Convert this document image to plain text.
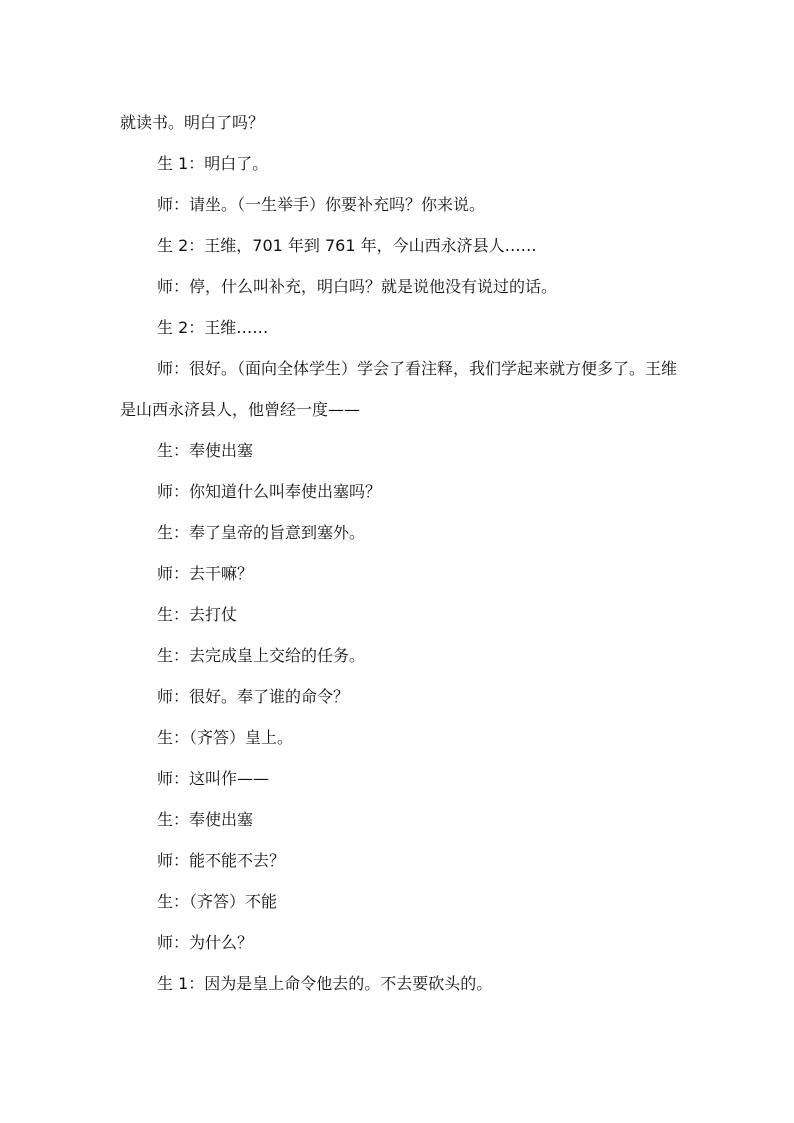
就读书。明白了吗？

生 1：明白了。

师：请坐。（一生举手）你要补充吗？你来说。

生 2：王维，701 年到 761 年，今山西永济县人……

师：停，什么叫补充，明白吗？就是说他没有说过的话。

生 2：王维……

师：很好。（面向全体学生）学会了看注释，我们学起来就方便多了。王维是山西永济县人，他曾经一度——

生：奉使出塞

师：你知道什么叫奉使出塞吗？

生：奉了皇帝的旨意到塞外。

师：去干嘛？

生：去打仗

生：去完成皇上交给的任务。

师：很好。奉了谁的命令？

生：（齐答）皇上。

师：这叫作——

生：奉使出塞

师：能不能不去？

生：（齐答）不能

师：为什么？

生 1：因为是皇上命令他去的。不去要砍头的。
